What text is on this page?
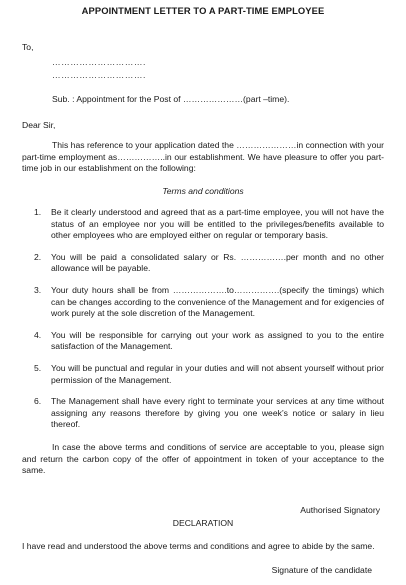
APPOINTMENT LETTER TO A PART-TIME EMPLOYEE
To,
………………………….
………………………….
Sub. : Appointment for the Post of …………………(part –time).
Dear Sir,

This has reference to your application dated the …………………in connection with your part-time employment as……………..in our establishment. We have pleasure to offer you part-time job in our establishment on the following:

Terms and conditions
1. Be it clearly understood and agreed that as a part-time employee, you will not have the status of an employee nor you will be entitled to the privileges/benefits available to other employees who are employed either on regular or temporary basis.
2. You will be paid a consolidated salary or Rs. …………….per month and no other allowance will be payable.
3. Your duty hours shall be from ……………….to…………….(specify the timings) which can be changes according to the convenience of the Management and for exigencies of work purely at the sole discretion of the Management.
4. You will be responsible for carrying out your work as assigned to you to the entire satisfaction of the Management.
5. You will be punctual and regular in your duties and will not absent yourself without prior permission of the Management.
6. The Management shall have every right to terminate your services at any time without assigning any reasons therefore by giving you one week’s notice or salary in lieu thereof.

In case the above terms and conditions of service are acceptable to you, please sign and return the carbon copy of the offer of appointment in token of your acceptance to the same.

Authorised Signatory
DECLARATION
I have read and understood the above terms and conditions and agree to abide by the same.
Signature of the candidate
